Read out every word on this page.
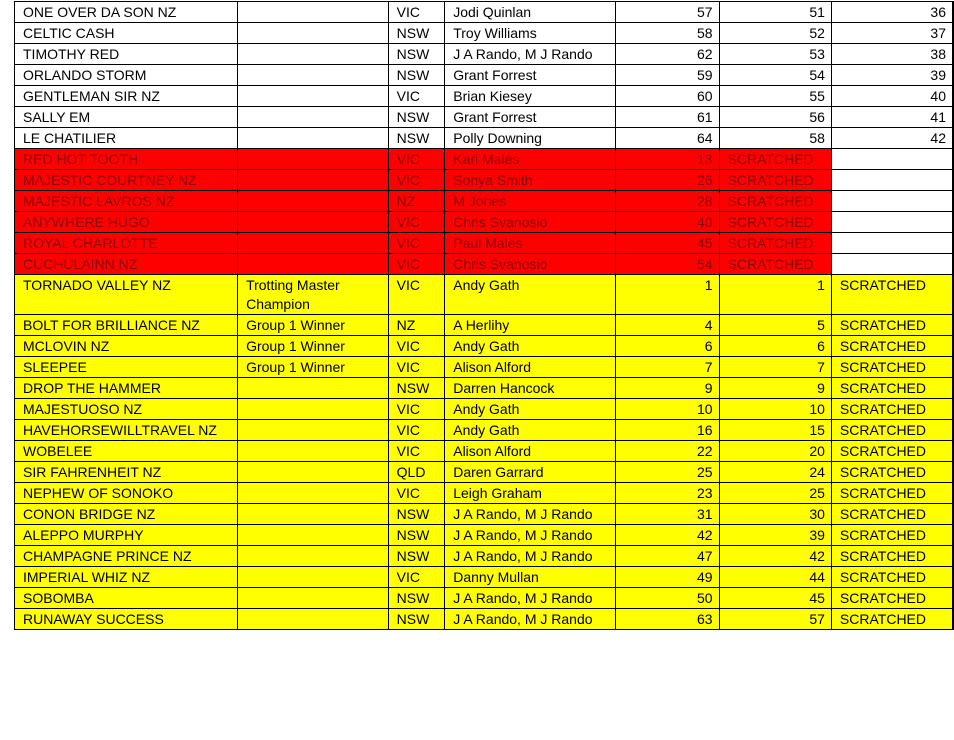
ONE OVER DA SON NZ		VIC	Jodi Quinlan	57	51	36
CELTIC CASH		NSW	Troy Williams	58	52	37
TIMOTHY RED		NSW	J A Rando, M J Rando	62	53	38
ORLANDO STORM		NSW	Grant Forrest	59	54	39
GENTLEMAN SIR NZ		VIC	Brian Kiesey	60	55	40
SALLY EM		NSW	Grant Forrest	61	56	41
LE CHATILIER		NSW	Polly Downing	64	58	42
RED HOT TOOTH		VIC	Kari Males	13	SCRATCHED	
MAJESTIC COURTNEY NZ		VIC	Sonya Smith	26	SCRATCHED	
MAJESTIC LAVROS NZ		NZ	M Jones	28	SCRATCHED	
ANYWHERE HUGO		VIC	Chris Svanosio	40	SCRATCHED	
ROYAL CHARLOTTE		VIC	Paul Males	45	SCRATCHED	
CUCHULAINN NZ		VIC	Chris Svanosio	54	SCRATCHED	
TORNADO VALLEY NZ	Trotting Master Champion	VIC	Andy Gath	1	1	SCRATCHED
BOLT FOR BRILLIANCE NZ	Group 1 Winner	NZ	A Herlihy	4	5	SCRATCHED
MCLOVIN NZ	Group 1 Winner	VIC	Andy Gath	6	6	SCRATCHED
SLEEPEE	Group 1 Winner	VIC	Alison Alford	7	7	SCRATCHED
DROP THE HAMMER		NSW	Darren Hancock	9	9	SCRATCHED
MAJESTUOSO NZ		VIC	Andy Gath	10	10	SCRATCHED
HAVEHORSEWILLTRAVEL NZ		VIC	Andy Gath	16	15	SCRATCHED
WOBELEE		VIC	Alison Alford	22	20	SCRATCHED
SIR FAHRENHEIT NZ		QLD	Daren Garrard	25	24	SCRATCHED
NEPHEW OF SONOKO		VIC	Leigh Graham	23	25	SCRATCHED
CONON BRIDGE NZ		NSW	J A Rando, M J Rando	31	30	SCRATCHED
ALEPPO MURPHY		NSW	J A Rando, M J Rando	42	39	SCRATCHED
CHAMPAGNE PRINCE NZ		NSW	J A Rando, M J Rando	47	42	SCRATCHED
IMPERIAL WHIZ NZ		VIC	Danny Mullan	49	44	SCRATCHED
SOBOMBA		NSW	J A Rando, M J Rando	50	45	SCRATCHED
RUNAWAY SUCCESS		NSW	J A Rando, M J Rando	63	57	SCRATCHED
